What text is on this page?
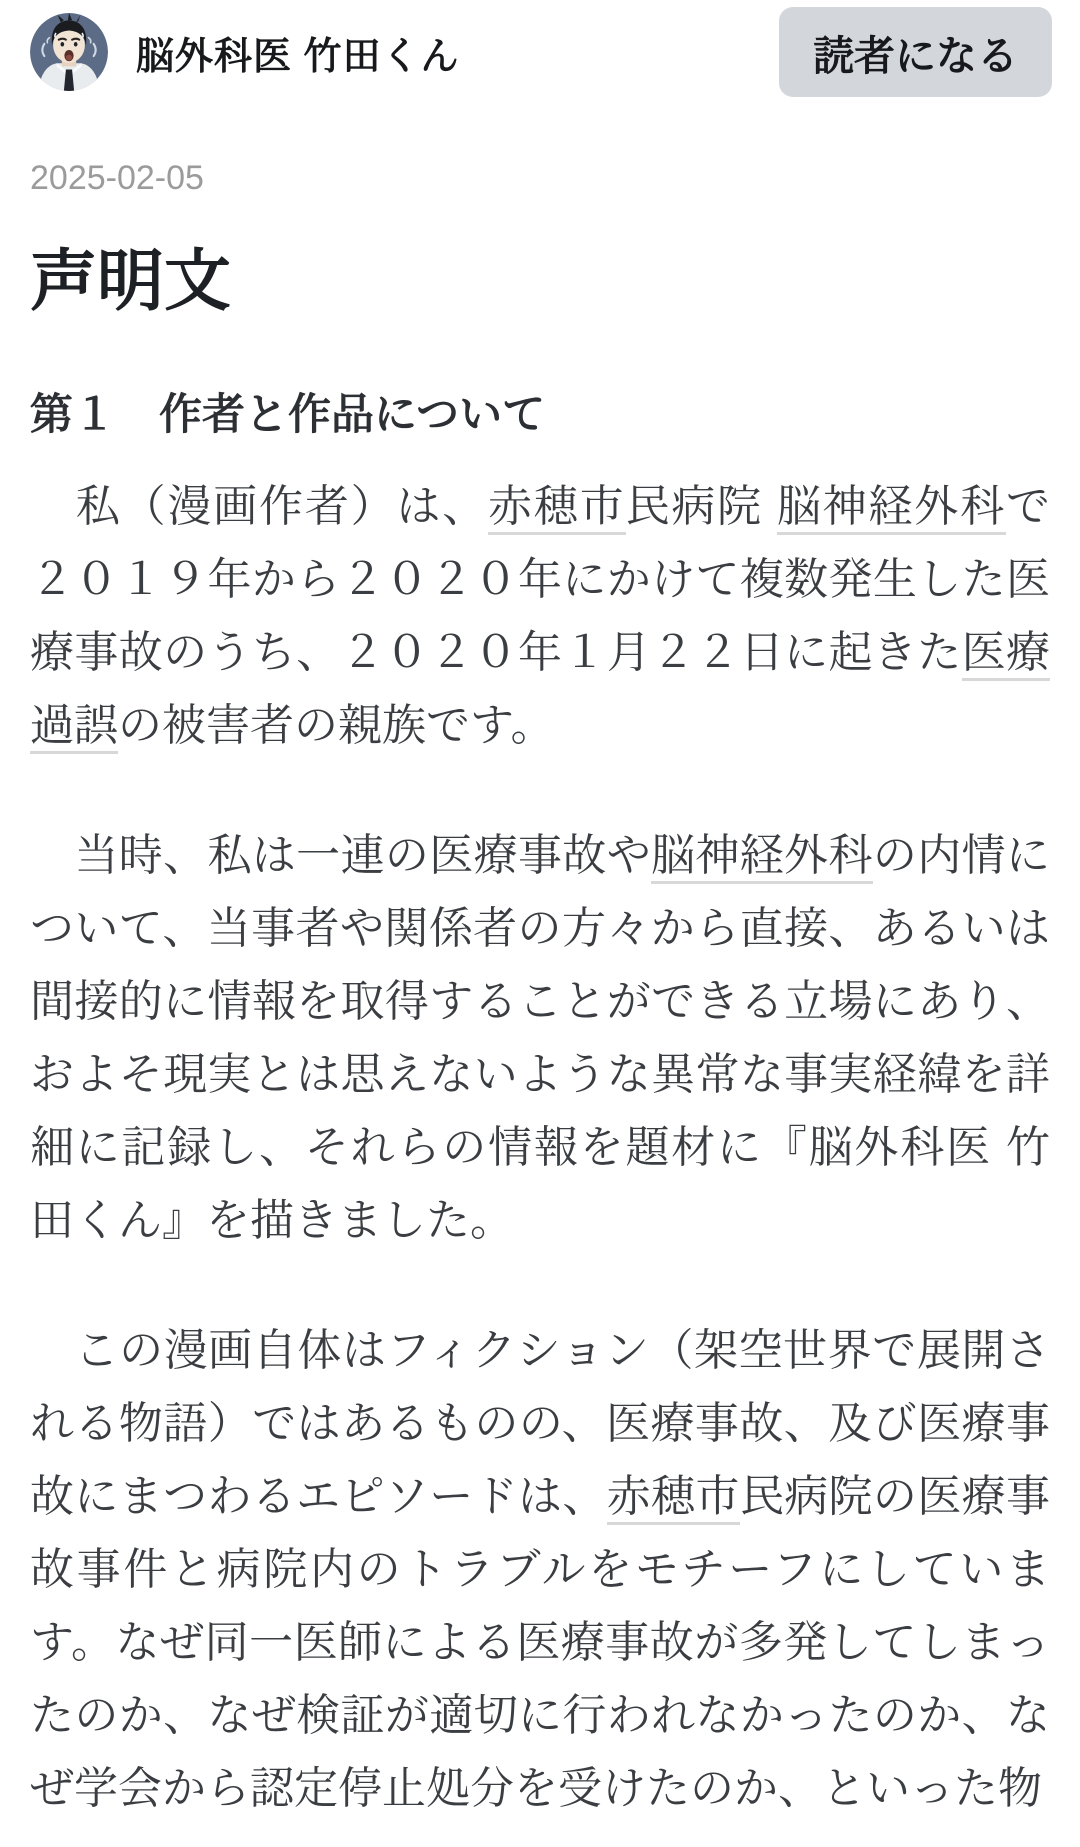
脳外科医 竹田くん	読者になる
2025-02-05
声明文
第１　作者と作品について

　私（漫画作者）は、赤穂市民病院 脳神経外科で２０１９年から２０２０年にかけて複数発生した医療事故のうち、２０２０年１月２２日に起きた医療過誤の被害者の親族です。

　当時、私は一連の医療事故や脳神経外科の内情について、当事者や関係者の方々から直接、あるいは間接的に情報を取得することができる立場にあり、およそ現実とは思えないような異常な事実経緯を詳細に記録し、それらの情報を題材に『脳外科医 竹田くん』を描きました。

　この漫画自体はフィクション（架空世界で展開される物語）ではあるものの、医療事故、及び医療事故にまつわるエピソードは、赤穂市民病院の医療事故事件と病院内のトラブルをモチーフにしています。なぜ同一医師による医療事故が多発してしまったのか、なぜ検証が適切に行われなかったのか、なぜ学会から認定停止処分を受けたのか、といった物
